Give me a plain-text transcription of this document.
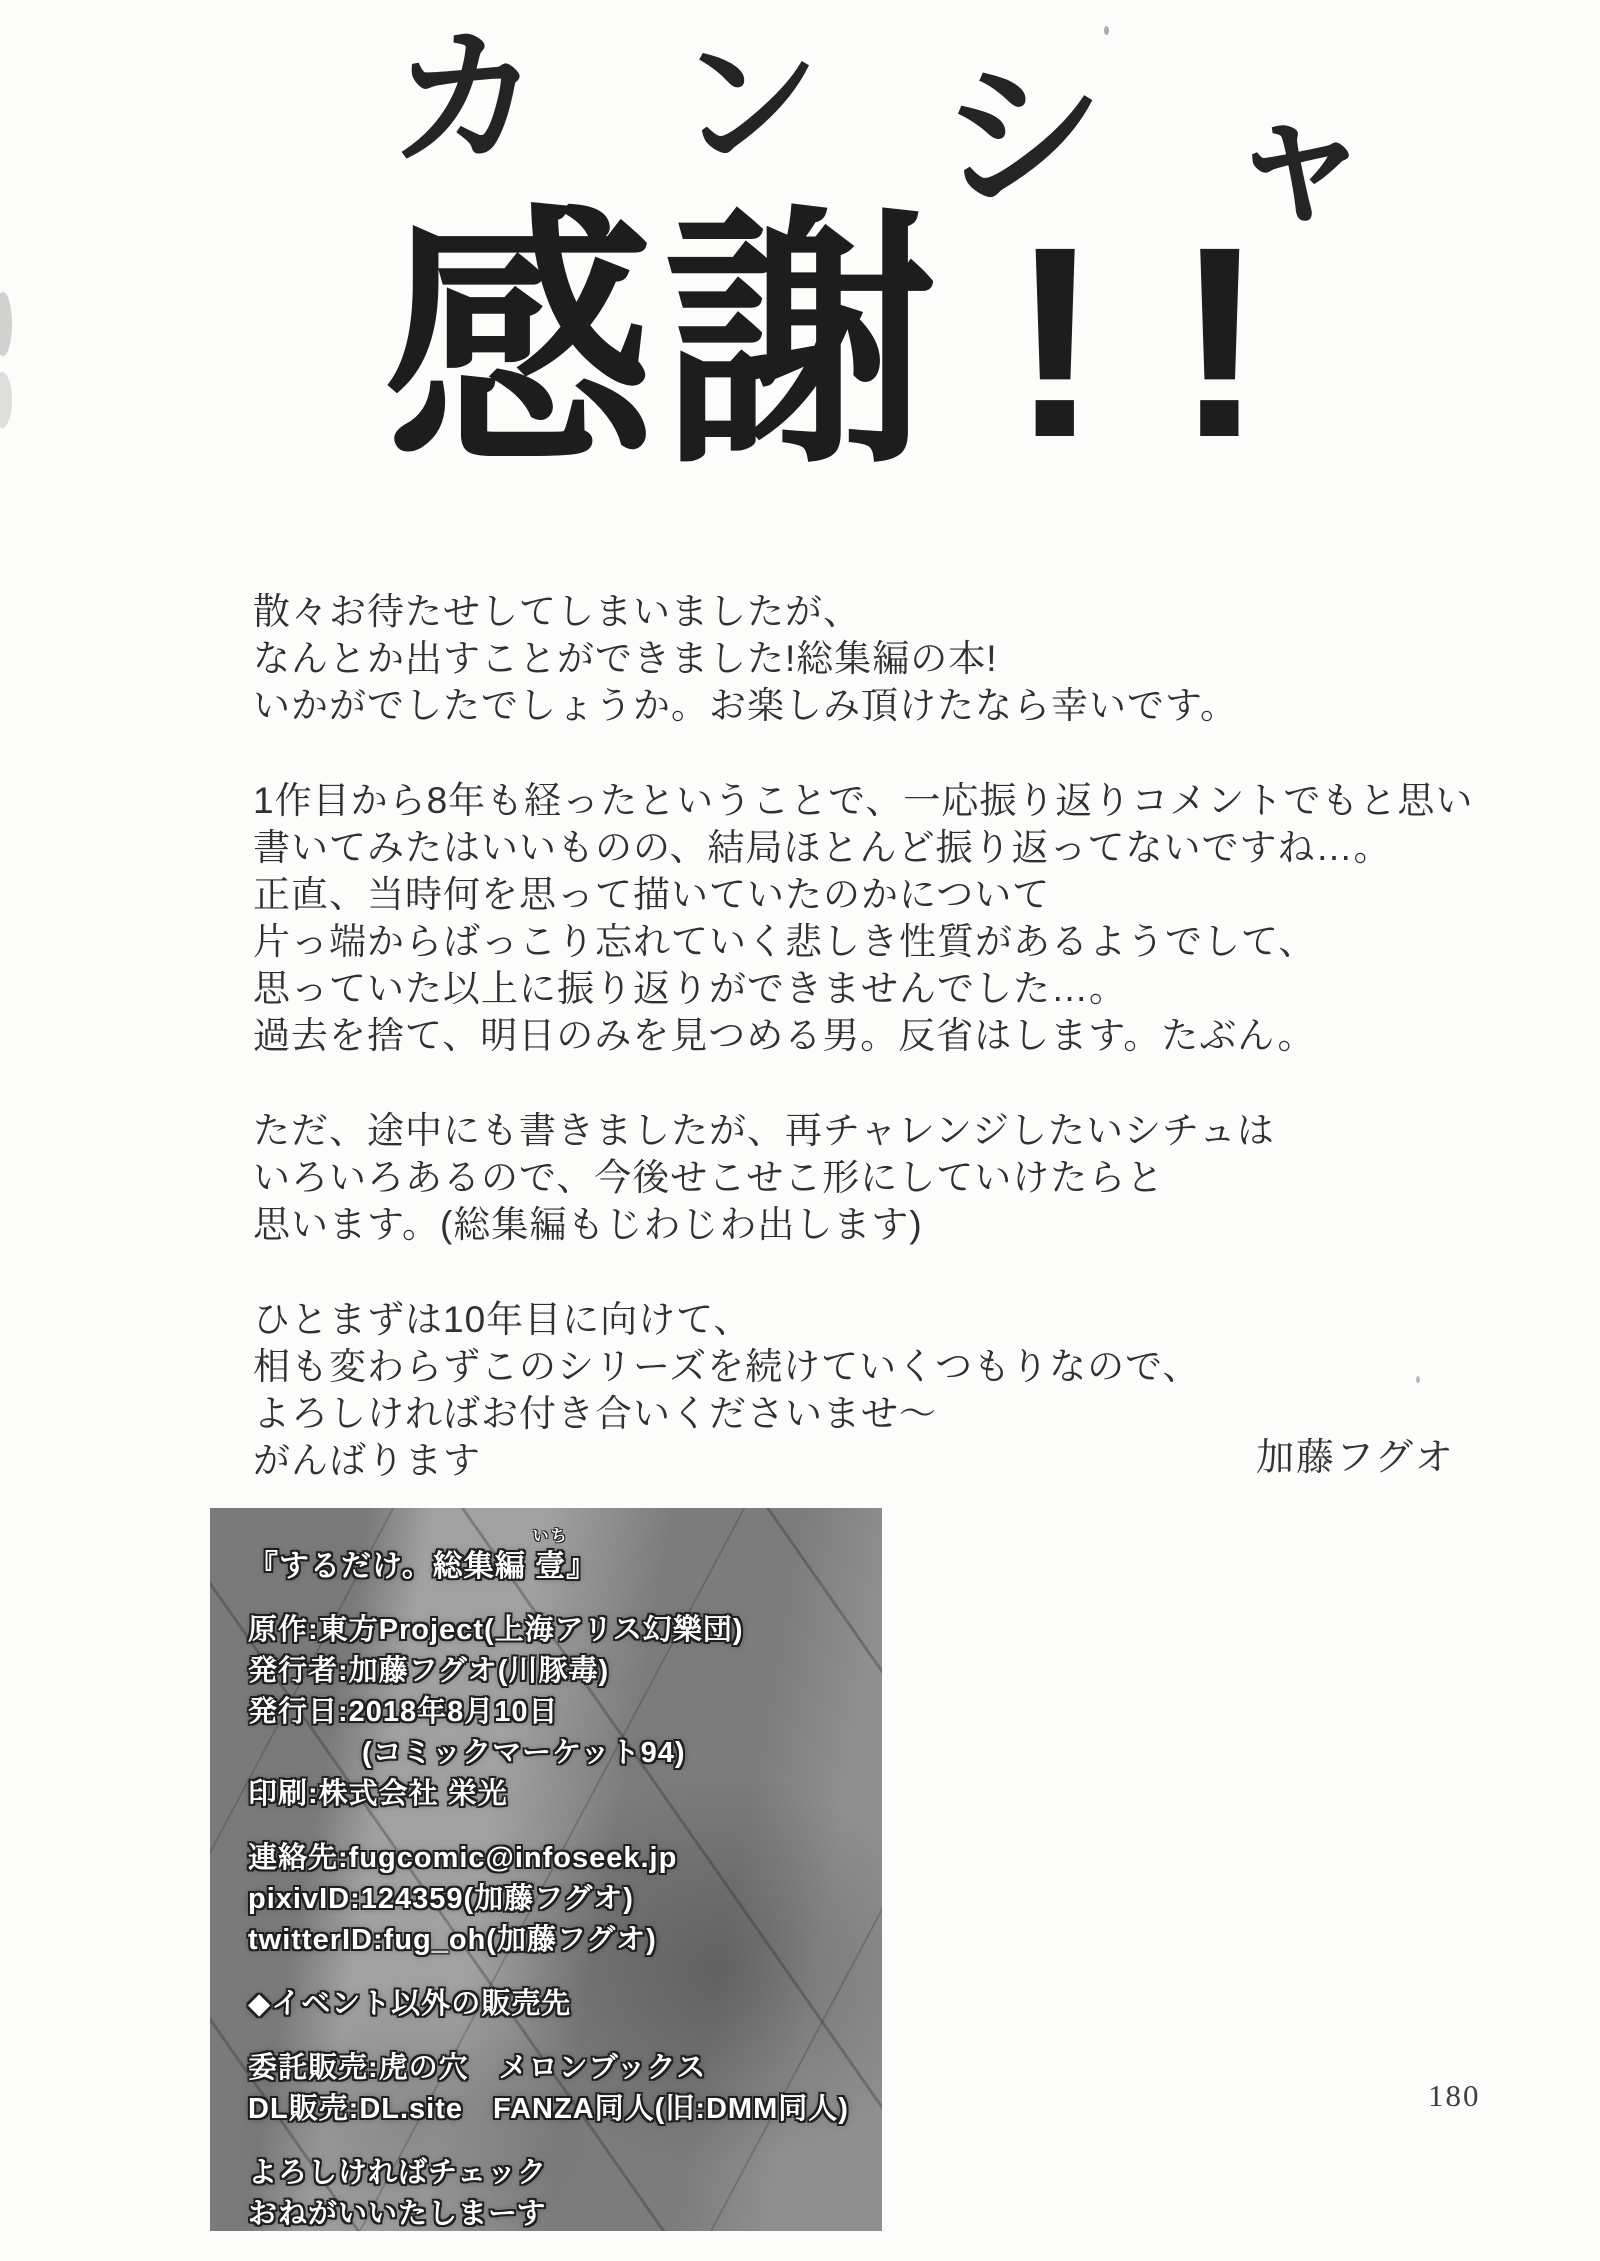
カ ン シ ャ
感謝 !!

散々お待たせしてしまいましたが、
なんとか出すことができました!総集編の本!
いかがでしたでしょうか。お楽しみ頂けたなら幸いです。

1作目から8年も経ったということで、一応振り返りコメントでもと思い
書いてみたはいいものの、結局ほとんど振り返ってないですね…。
正直、当時何を思って描いていたのかについて
片っ端からばっこり忘れていく悲しき性質があるようでして、
思っていた以上に振り返りができませんでした…。
過去を捨て、明日のみを見つめる男。反省はします。たぶん。

ただ、途中にも書きましたが、再チャレンジしたいシチュは
いろいろあるので、今後せこせこ形にしていけたらと
思います。(総集編もじわじわ出します)

ひとまずは10年目に向けて、
相も変わらずこのシリーズを続けていくつもりなので、
よろしければお付き合いくださいませ〜
がんばります	加藤フグオ
『するだけ。総集編
いち
壹』
原作:東方Project(上海アリス幻樂団)
発行者:加藤フグオ(川豚毒)
発行日:2018年8月10日
(コミックマーケット94)
印刷:株式会社 栄光
連絡先:fugcomic@infoseek.jp
pixivID:124359(加藤フグオ)
twitterID:fug_oh(加藤フグオ)
◆イベント以外の販売先
委託販売:虎の穴　メロンブックス
DL販売:DL.site　FANZA同人(旧:DMM同人)
よろしければチェック
おねがいいたしまーす
180
